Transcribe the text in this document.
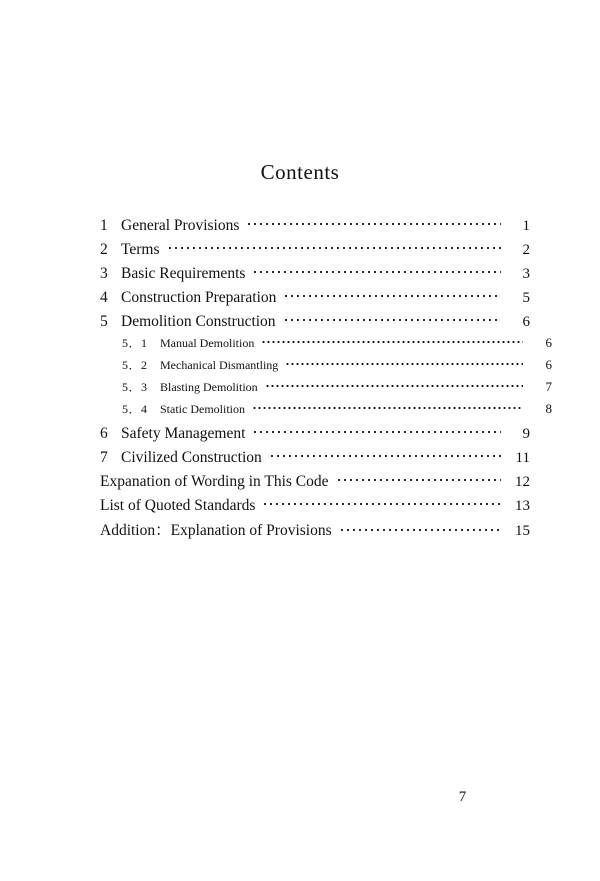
Contents
1 General Provisions	1
2 Terms	2
3 Basic Requirements	3
4 Construction Preparation	5
5 Demolition Construction	6
5．1	Manual Demolition	6
5．2	Mechanical Dismantling	6
5．3	Blasting Demolition	7
5．4	Static Demolition	8
6 Safety Management	9
7 Civilized Construction	11
Expanation of Wording in This Code	12
List of Quoted Standards	13
Addition：Explanation of Provisions	15
7
